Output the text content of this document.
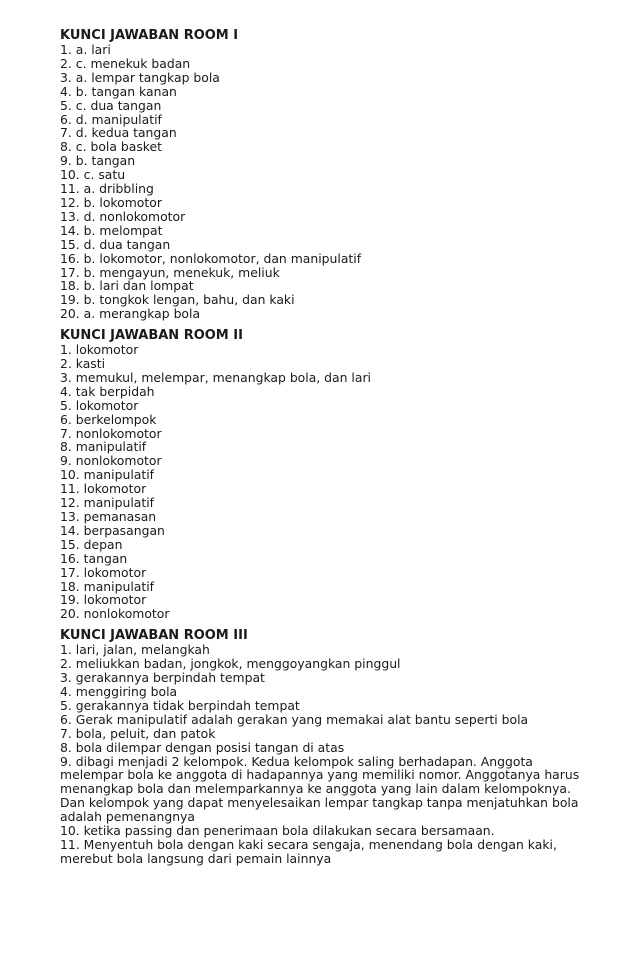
KUNCI JAWABAN ROOM I
1. a. lari
2. c. menekuk badan
3. a. lempar tangkap bola
4. b. tangan kanan
5. c. dua tangan
6. d. manipulatif
7. d. kedua tangan
8. c. bola basket
9. b. tangan
10. c. satu
11. a. dribbling
12. b. lokomotor
13. d. nonlokomotor
14. b. melompat
15. d. dua tangan
16. b. lokomotor, nonlokomotor, dan manipulatif
17. b. mengayun, menekuk, meliuk
18. b. lari dan lompat
19. b. tongkok lengan, bahu, dan kaki
20. a. merangkap bola
KUNCI JAWABAN ROOM II
1. lokomotor
2. kasti
3. memukul, melempar, menangkap bola, dan lari
4. tak berpidah
5. lokomotor
6. berkelompok
7. nonlokomotor
8. manipulatif
9. nonlokomotor
10. manipulatif
11. lokomotor
12. manipulatif
13. pemanasan
14. berpasangan
15. depan
16. tangan
17. lokomotor
18. manipulatif
19. lokomotor
20. nonlokomotor
KUNCI JAWABAN ROOM III
1. lari, jalan, melangkah
2. meliukkan badan, jongkok, menggoyangkan pinggul
3. gerakannya berpindah tempat
4. menggiring bola
5. gerakannya tidak berpindah tempat
6. Gerak manipulatif adalah gerakan yang memakai alat bantu seperti bola
7. bola, peluit, dan patok
8. bola dilempar dengan posisi tangan di atas
9. dibagi menjadi 2 kelompok. Kedua kelompok saling berhadapan. Anggota melempar bola ke anggota di hadapannya yang memiliki nomor. Anggotanya harus menangkap bola dan melemparkannya ke anggota yang lain dalam kelompoknya. Dan kelompok yang dapat menyelesaikan lempar tangkap tanpa menjatuhkan bola adalah pemenangnya
10. ketika passing dan penerimaan bola dilakukan secara bersamaan.
11. Menyentuh bola dengan kaki secara sengaja, menendang bola dengan kaki, merebut bola langsung dari pemain lainnya
